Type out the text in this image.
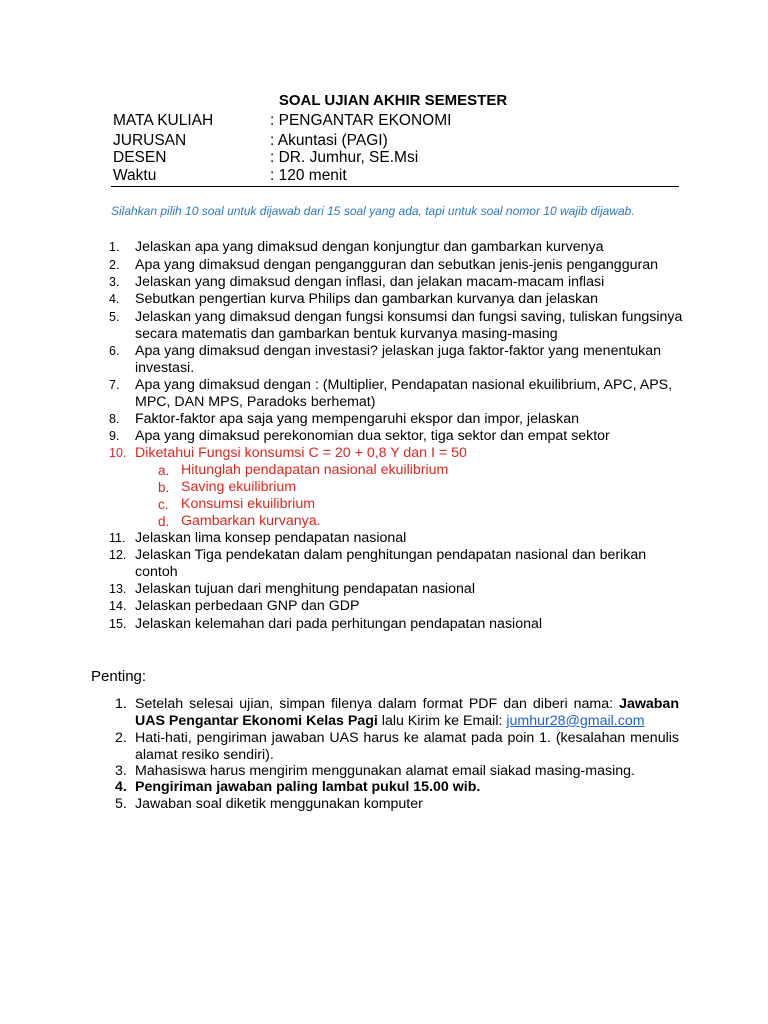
SOAL UJIAN AKHIR SEMESTER
MATA KULIAH	: PENGANTAR EKONOMI
JURUSAN	: Akuntasi (PAGI)
DESEN	: DR. Jumhur, SE.Msi
Waktu	: 120 menit
Silahkan pilih 10 soal untuk dijawab dari 15 soal yang ada, tapi untuk soal nomor 10 wajib dijawab.
1.	Jelaskan apa yang dimaksud dengan konjungtur dan gambarkan kurvenya
2.	Apa yang dimaksud dengan pengangguran dan sebutkan jenis-jenis pengangguran
3.	Jelaskan yang dimaksud dengan inflasi, dan jelakan macam-macam inflasi
4.	Sebutkan pengertian kurva Philips dan gambarkan kurvanya dan jelaskan
5.	Jelaskan yang dimaksud dengan fungsi konsumsi dan fungsi saving, tuliskan fungsinya secara matematis dan gambarkan bentuk kurvanya masing-masing
6.	Apa yang dimaksud dengan investasi? jelaskan juga faktor-faktor yang menentukan investasi.
7.	Apa yang dimaksud dengan : (Multiplier, Pendapatan nasional ekuilibrium, APC, APS, MPC, DAN MPS, Paradoks berhemat)
8.	Faktor-faktor apa saja yang mempengaruhi ekspor dan impor, jelaskan
9.	Apa yang dimaksud perekonomian dua sektor, tiga sektor dan empat sektor
10. Diketahui Fungsi konsumsi C = 20 + 0,8 Y dan I = 50
a. Hitunglah pendapatan nasional ekuilibrium
b. Saving ekuilibrium
c. Konsumsi ekuilibrium
d. Gambarkan kurvanya.
11. Jelaskan lima konsep pendapatan nasional
12. Jelaskan Tiga pendekatan dalam penghitungan pendapatan nasional dan berikan contoh
13. Jelaskan tujuan dari menghitung pendapatan nasional
14. Jelaskan perbedaan GNP dan GDP
15. Jelaskan kelemahan dari pada perhitungan pendapatan nasional
Penting:
1. Setelah selesai ujian, simpan filenya dalam format PDF dan diberi nama: Jawaban UAS Pengantar Ekonomi Kelas Pagi lalu Kirim ke Email: jumhur28@gmail.com
2. Hati-hati, pengiriman jawaban UAS harus ke alamat pada poin 1. (kesalahan menulis alamat resiko sendiri).
3. Mahasiswa harus mengirim menggunakan alamat email siakad masing-masing.
4. Pengiriman jawaban paling lambat pukul 15.00 wib.
5. Jawaban soal diketik menggunakan komputer
